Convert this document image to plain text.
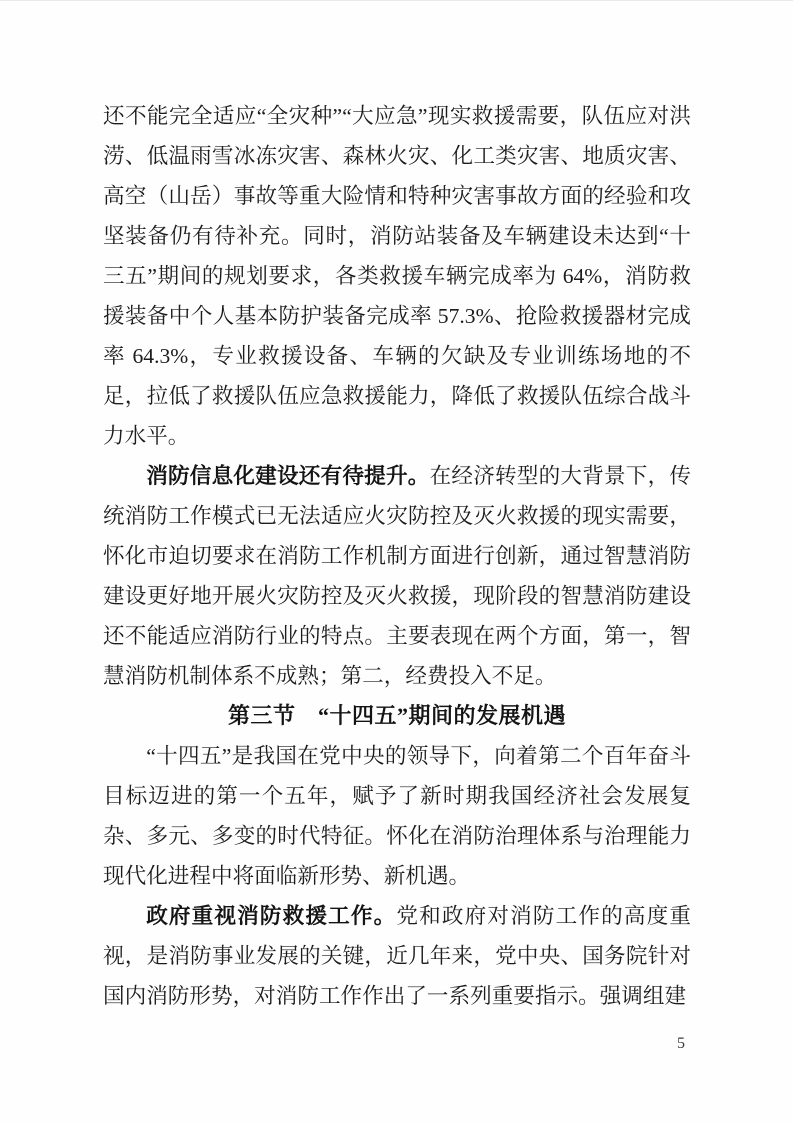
还不能完全适应“全灾种”“大应急”现实救援需要，队伍应对洪涝、低温雨雪冰冻灾害、森林火灾、化工类灾害、地质灾害、高空（山岳）事故等重大险情和特种灾害事故方面的经验和攻坚装备仍有待补充。同时，消防站装备及车辆建设未达到“十三五”期间的规划要求，各类救援车辆完成率为 64%，消防救援装备中个人基本防护装备完成率 57.3%、抢险救援器材完成率 64.3%，专业救援设备、车辆的欠缺及专业训练场地的不足，拉低了救援队伍应急救援能力，降低了救援队伍综合战斗力水平。

消防信息化建设还有待提升。在经济转型的大背景下，传统消防工作模式已无法适应火灾防控及灭火救援的现实需要，怀化市迫切要求在消防工作机制方面进行创新，通过智慧消防建设更好地开展火灾防控及灭火救援，现阶段的智慧消防建设还不能适应消防行业的特点。主要表现在两个方面，第一，智慧消防机制体系不成熟；第二，经费投入不足。

第三节　“十四五”期间的发展机遇

“十四五”是我国在党中央的领导下，向着第二个百年奋斗目标迈进的第一个五年，赋予了新时期我国经济社会发展复杂、多元、多变的时代特征。怀化在消防治理体系与治理能力现代化进程中将面临新形势、新机遇。

政府重视消防救援工作。党和政府对消防工作的高度重视，是消防事业发展的关键，近几年来，党中央、国务院针对国内消防形势，对消防工作作出了一系列重要指示。强调组建

5
